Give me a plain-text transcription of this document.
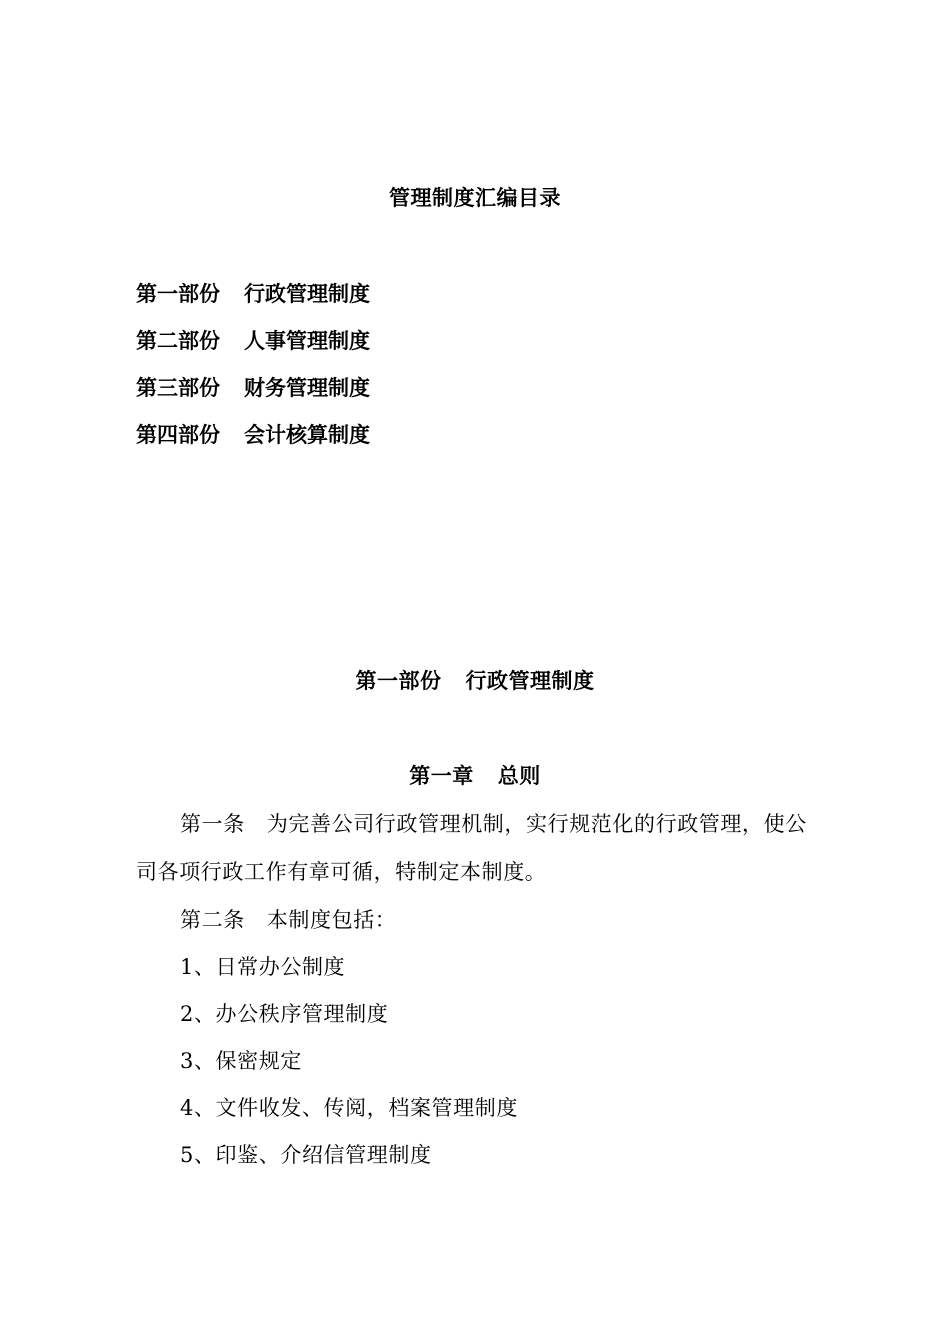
管理制度汇编目录
第一部份 行政管理制度
第二部份 人事管理制度
第三部份 财务管理制度
第四部份 会计核算制度
第一部份 行政管理制度
第一章 总则
第一条 为完善公司行政管理机制，实行规范化的行政管理，使公
司各项行政工作有章可循，特制定本制度。
第二条 本制度包括：
1、日常办公制度
2、办公秩序管理制度
3、保密规定
4、文件收发、传阅，档案管理制度
5、印鉴、介绍信管理制度
